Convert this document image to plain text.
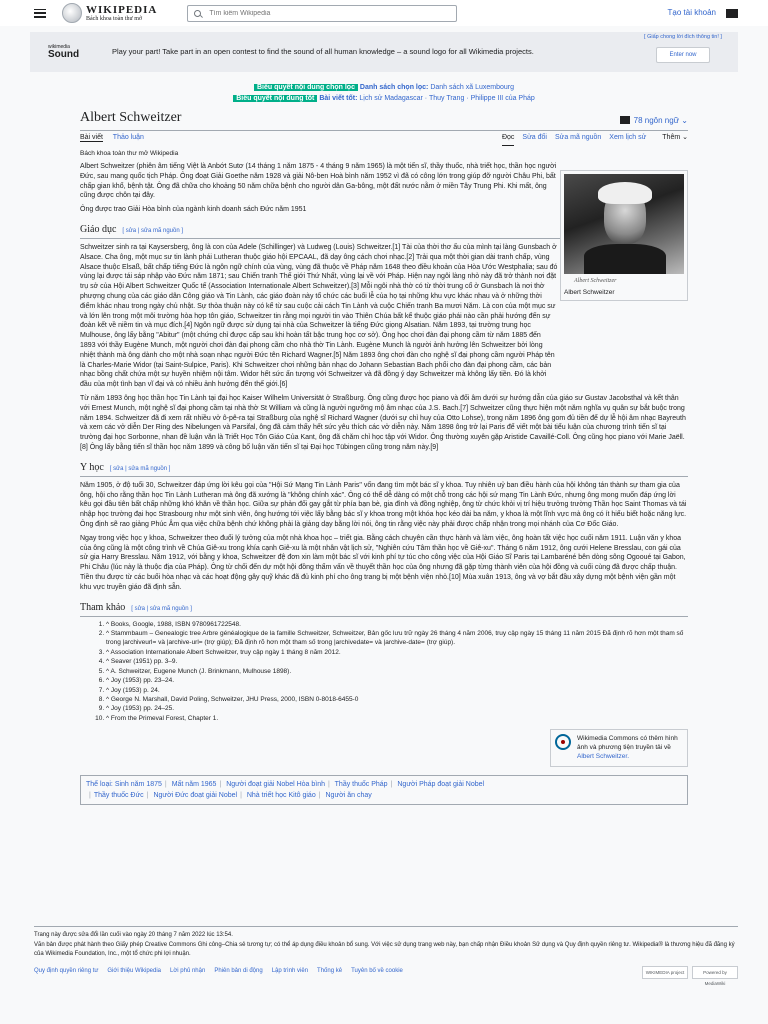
WIKIPEDIA
Bách khoa toàn thư mở
Tìm kiếm Wikipedia
Tạo tài khoản
wikimedia
Sound	Play your part! Take part in an open contest to find the sound of all human knowledge – a sound logo for all Wikimedia projects.
[ Giấp chong lời đích thông tin! ]
Enter now
Biểu quyết nội dung chọn lọc Danh sách chọn lọc: Danh sách xã Luxembourg
Biểu quyết nội dung tốt Bài viết tốt: Lịch sử Madagascar · Thuy Trang · Philippe III của Pháp
Albert Schweitzer	78 ngôn ngữ ⌄
Bài viết Thảo luận	Đọc Sửa đổi Sửa mã nguồn Xem lịch sử	Thêm ⌄
Bách khoa toàn thư mở Wikipedia
Albert Schweitzer
Albert Schweitzer

Albert Schweitzer (phiên âm tiếng Việt là Anbớt Sutơ (14 tháng 1 năm 1875 - 4 tháng 9 năm 1965) là một tiến sĩ, thầy thuốc, nhà triết học, thần học người Đức, sau mang quốc tịch Pháp. Ông đoạt Giải Goethe năm 1928 và giải Nô-ben Hoà bình năm 1952 vì đã có công lớn trong giúp đỡ người Châu Phi, bất chấp gian khổ, bệnh tật. Ông đã chữa cho khoảng 50 năm chữa bệnh cho người dân Ga-bông, một đất nước nằm ở miền Tây Trung Phi. Khi mất, ông cũng được chôn tại đây.

Ông được trao Giải Hòa bình của ngành kinh doanh sách Đức năm 1951

Giáo dục [ sửa | sửa mã nguồn ]

Schweitzer sinh ra tại Kaysersberg, ông là con của Adele (Schillinger) và Ludweg (Louis) Schweitzer.[1] Tài của thời thơ ấu của mình tại làng Gunsbach ở Alsace. Cha ông, một mục sư tin lành phái Lutheran thuộc giáo hội EPCAAL, đã dạy ông cách chơi nhạc.[2] Trải qua một thời gian dài tranh chấp, vùng Alsace thuộc Elsaß, bất chấp tiếng Đức là ngôn ngữ chính của vùng, vùng đã thuộc về Pháp năm 1648 theo điều khoản của Hòa Ước Westphalia; sau đó vùng lại được tái sáp nhập vào Đức năm 1871; sau Chiến tranh Thế giới Thứ Nhất, vùng lại về với Pháp. Hiện nay ngôi làng nhỏ này đã trở thành nơi đặt trụ sở của Hội Albert Schweitzer Quốc tế (Association Internationale Albert Schweitzer).[3] Mỗi ngôi nhà thờ có từ thời trung cổ ở Gunsbach là nơi thờ phượng chung của các giáo dân Công giáo và Tin Lành, các giáo đoàn này tổ chức các buổi lễ của họ tại những khu vực khác nhau và ở những thời điểm khác nhau trong ngày chủ nhật. Sự thỏa thuận này có kể từ sau cuộc cải cách Tin Lành và cuộc Chiến tranh Ba mươi Năm. Là con của một mục sư và lớn lên trong một môi trường hòa hợp tôn giáo, Schweitzer tin rằng mọi người tin vào Thiên Chúa bất kể thuộc giáo phái nào cần phải hướng đến sự đoàn kết về niềm tin và mục đích.[4] Ngôn ngữ được sử dụng tại nhà của Schweitzer là tiếng Đức giọng Alsatian. Năm 1893, tại trường trung học Mulhouse, ông lấy bằng "Abitur" (một chứng chỉ được cấp sau khi hoàn tất bậc trung học cơ sở). Ông học chơi đàn đại phong cầm từ năm 1885 đến 1893 với thầy Eugène Munch, một người chơi đàn đại phong cầm cho nhà thờ Tin Lành. Eugène Munch là người ảnh hưởng lên Schweitzer bởi lòng nhiệt thành mà ông dành cho một nhà soạn nhạc người Đức tên Richard Wagner.[5] Năm 1893 ông chơi đàn cho nghệ sĩ đại phong cầm người Pháp tên là Charles-Marie Widor (tại Saint-Sulpice, Paris). Khi Schweitzer chơi những bản nhạc do Johann Sebastian Bach phổi cho đàn đại phong cầm, các bản nhạc bồng chất chứa một sự huyền nhiệm nội tâm. Widor hết sức ấn tượng với Schweitzer và đã đồng ý dạy Schweitzer mà không lấy tiền. Đó là khởi đầu của một tình bạn vĩ đại và có nhiều ảnh hưởng đến thế giới.[6]

Từ năm 1893 ông học thần học Tin Lành tại đại học Kaiser Wilhelm Universität ở Straßburg. Ông cũng được học piano và đối âm dưới sự hướng dẫn của giáo sư Gustav Jacobsthal và kết thân với Ernest Munch, một nghệ sĩ đại phong cầm tại nhà thờ St William và cũng là người ngưỡng mộ âm nhạc của J.S. Bach.[7] Schweitzer cũng thực hiện một năm nghĩa vụ quân sự bắt buộc trong năm 1894. Schweitzer đã đi xem rất nhiều vở ô-pê-ra tại Straßburg của nghệ sĩ Richard Wagner (dưới sự chỉ huy của Otto Lohse), trong năm 1896 ông gom đủ tiền để dự lễ hội âm nhạc Bayreuth và xem các vở diễn Der Ring des Nibelungen và Parsifal, ông đã cảm thấy hết sức yêu thích các vở diễn này. Năm 1898 ông trở lại Paris để viết một bài tiểu luận của chương trình tiến sĩ tại trường đại học Sorbonne, nhan đề luận văn là Triết Học Tôn Giáo Của Kant, ông đã chăm chỉ học tập với Widor. Ông thường xuyên gặp Aristide Cavaillé-Coll. Ông cũng học piano với Marie Jaëll.[8] Ông lấy bằng tiến sĩ thần học năm 1899 và công bố luận văn tiến sĩ tại Đại học Tübingen cũng trong năm này.[9]

Y học [ sửa | sửa mã nguồn ]

Năm 1905, ở độ tuổi 30, Schweitzer đáp ứng lời kêu gọi của "Hội Sứ Mạng Tin Lành Paris" vốn đang tìm một bác sĩ y khoa. Tuy nhiên uỷ ban điều hành của hội không tán thành sự tham gia của ông, hội cho rằng thần học Tin Lành Lutheran mà ông đã xướng là "không chính xác". Ông có thể dễ dàng có một chỗ trong các hội sứ mạng Tin Lành Đức, nhưng ông mong muốn đáp ứng lời kêu gọi đầu tiên bất chấp những khó khăn về thần học. Giữa sự phản đối gay gắt từ phía bạn bè, gia đình và đồng nghiệp, ông từ chức khỏi vị trí hiệu trưởng trường Thần học Saint Thomas và tái nhập học trường đại học Strasbourg như một sinh viên, ông hướng tới việc lấy bằng bác sĩ y khoa trong một khóa học kéo dài ba năm, y khoa là một lĩnh vực mà ông có ít hiểu biết hoặc năng lực. Ông định sẽ rao giảng Phúc Âm qua việc chữa bệnh chứ không phải là giảng dạy bằng lời nói, ông tin rằng việc này phải được chấp nhận trong mọi nhánh của Cơ Đốc Giáo.

Ngay trong việc học y khoa, Schweitzer theo đuổi lý tưởng của một nhà khoa học – triết gia. Bằng cách chuyên cần thực hành và làm việc, ông hoàn tất việc học cuối năm 1911. Luận văn y khoa của ông cũng là một công trình về Chúa Giê-xu trong khía cạnh Giê-xu là một nhân vật lịch sử, "Nghiên cứu Tâm thần học về Giê-xu". Tháng 6 năm 1912, ông cưới Helene Bresslau, con gái của sử gia Harry Bresslau. Năm 1912, với bằng y khoa, Schweitzer đệ đơn xin làm một bác sĩ với kinh phí tự túc cho công việc của Hội Giáo Sĩ Paris tại Lambaréné bên dòng sông Ogooué tại Gabon, Phi Châu (lúc này là thuộc địa của Pháp). Ông từ chối đến dự một hội đồng thẩm vấn về thuyết thần học của ông nhưng đã gặp từng thành viên của hội đồng và cuối cùng đã được chấp thuận. Tiền thu được từ các buổi hòa nhạc và các hoạt động gây quỹ khác đã đủ kinh phí cho ông trang bị một bệnh viện nhỏ.[10] Mùa xuân 1913, ông và vợ bắt đầu xây dựng một bệnh viện gần một khu vực truyền giáo đã định sẵn.

Tham khảo [ sửa | sửa mã nguồn ]
1. ^ Books, Google, 1988, ISBN 9780961722548.
2. ^ Stammbaum – Genealogic tree Arbre généalogique de la famille Schweitzer, Schweitzer, Bản gốc lưu trữ ngày 26 tháng 4 năm 2006, truy cập ngày 15 tháng 11 năm 2015 Đã định rõ hơn một tham số trong |archiveurl= và |archive-url= (trợ giúp); Đã định rõ hơn một tham số trong |archivedate= và |archive-date= (trợ giúp).
3. ^ Association Internationale Albert Schweitzer, truy cập ngày 1 tháng 8 năm 2012.
4. ^ Seaver (1951) pp. 3–9.
5. ^ A. Schweitzer, Eugene Munch (J. Brinkmann, Mulhouse 1898).
6. ^ Joy (1953) pp. 23–24.
7. ^ Joy (1953) p. 24.
8. ^ George N. Marshall, David Poling, Schweitzer, JHU Press, 2000, ISBN 0-8018-6455-0
9. ^ Joy (1953) pp. 24–25.
10. ^ From the Primeval Forest, Chapter 1.
Wikimedia Commons có thêm hình ảnh và phương tiện truyền tải về Albert Schweitzer.
Thể loại: Sinh năm 1875 | Mất năm 1965 | Người đoạt giải Nobel Hòa bình | Thầy thuốc Pháp | Người Pháp đoạt giải Nobel
| Thầy thuốc Đức | Người Đức đoạt giải Nobel | Nhà triết học Kitô giáo | Người ăn chay
Trang này được sửa đổi lần cuối vào ngày 20 tháng 7 năm 2022 lúc 13:54.
Văn bản được phát hành theo Giấy phép Creative Commons Ghi công–Chia sẻ tương tự; có thể áp dụng điều khoản bổ sung. Với việc sử dụng trang web này, bạn chấp nhận Điều khoản Sử dụng và Quy định quyền riêng tư. Wikipedia® là thương hiệu đã đăng ký của Wikimedia Foundation, Inc., một tổ chức phi lợi nhuận.
Quy định quyền riêng tư Giới thiệu Wikipedia Lời phủ nhận Phiên bản di động Lập trình viên Thống kê Tuyên bố về cookie	WIKIMEDIA project	Powered by MediaWiki
